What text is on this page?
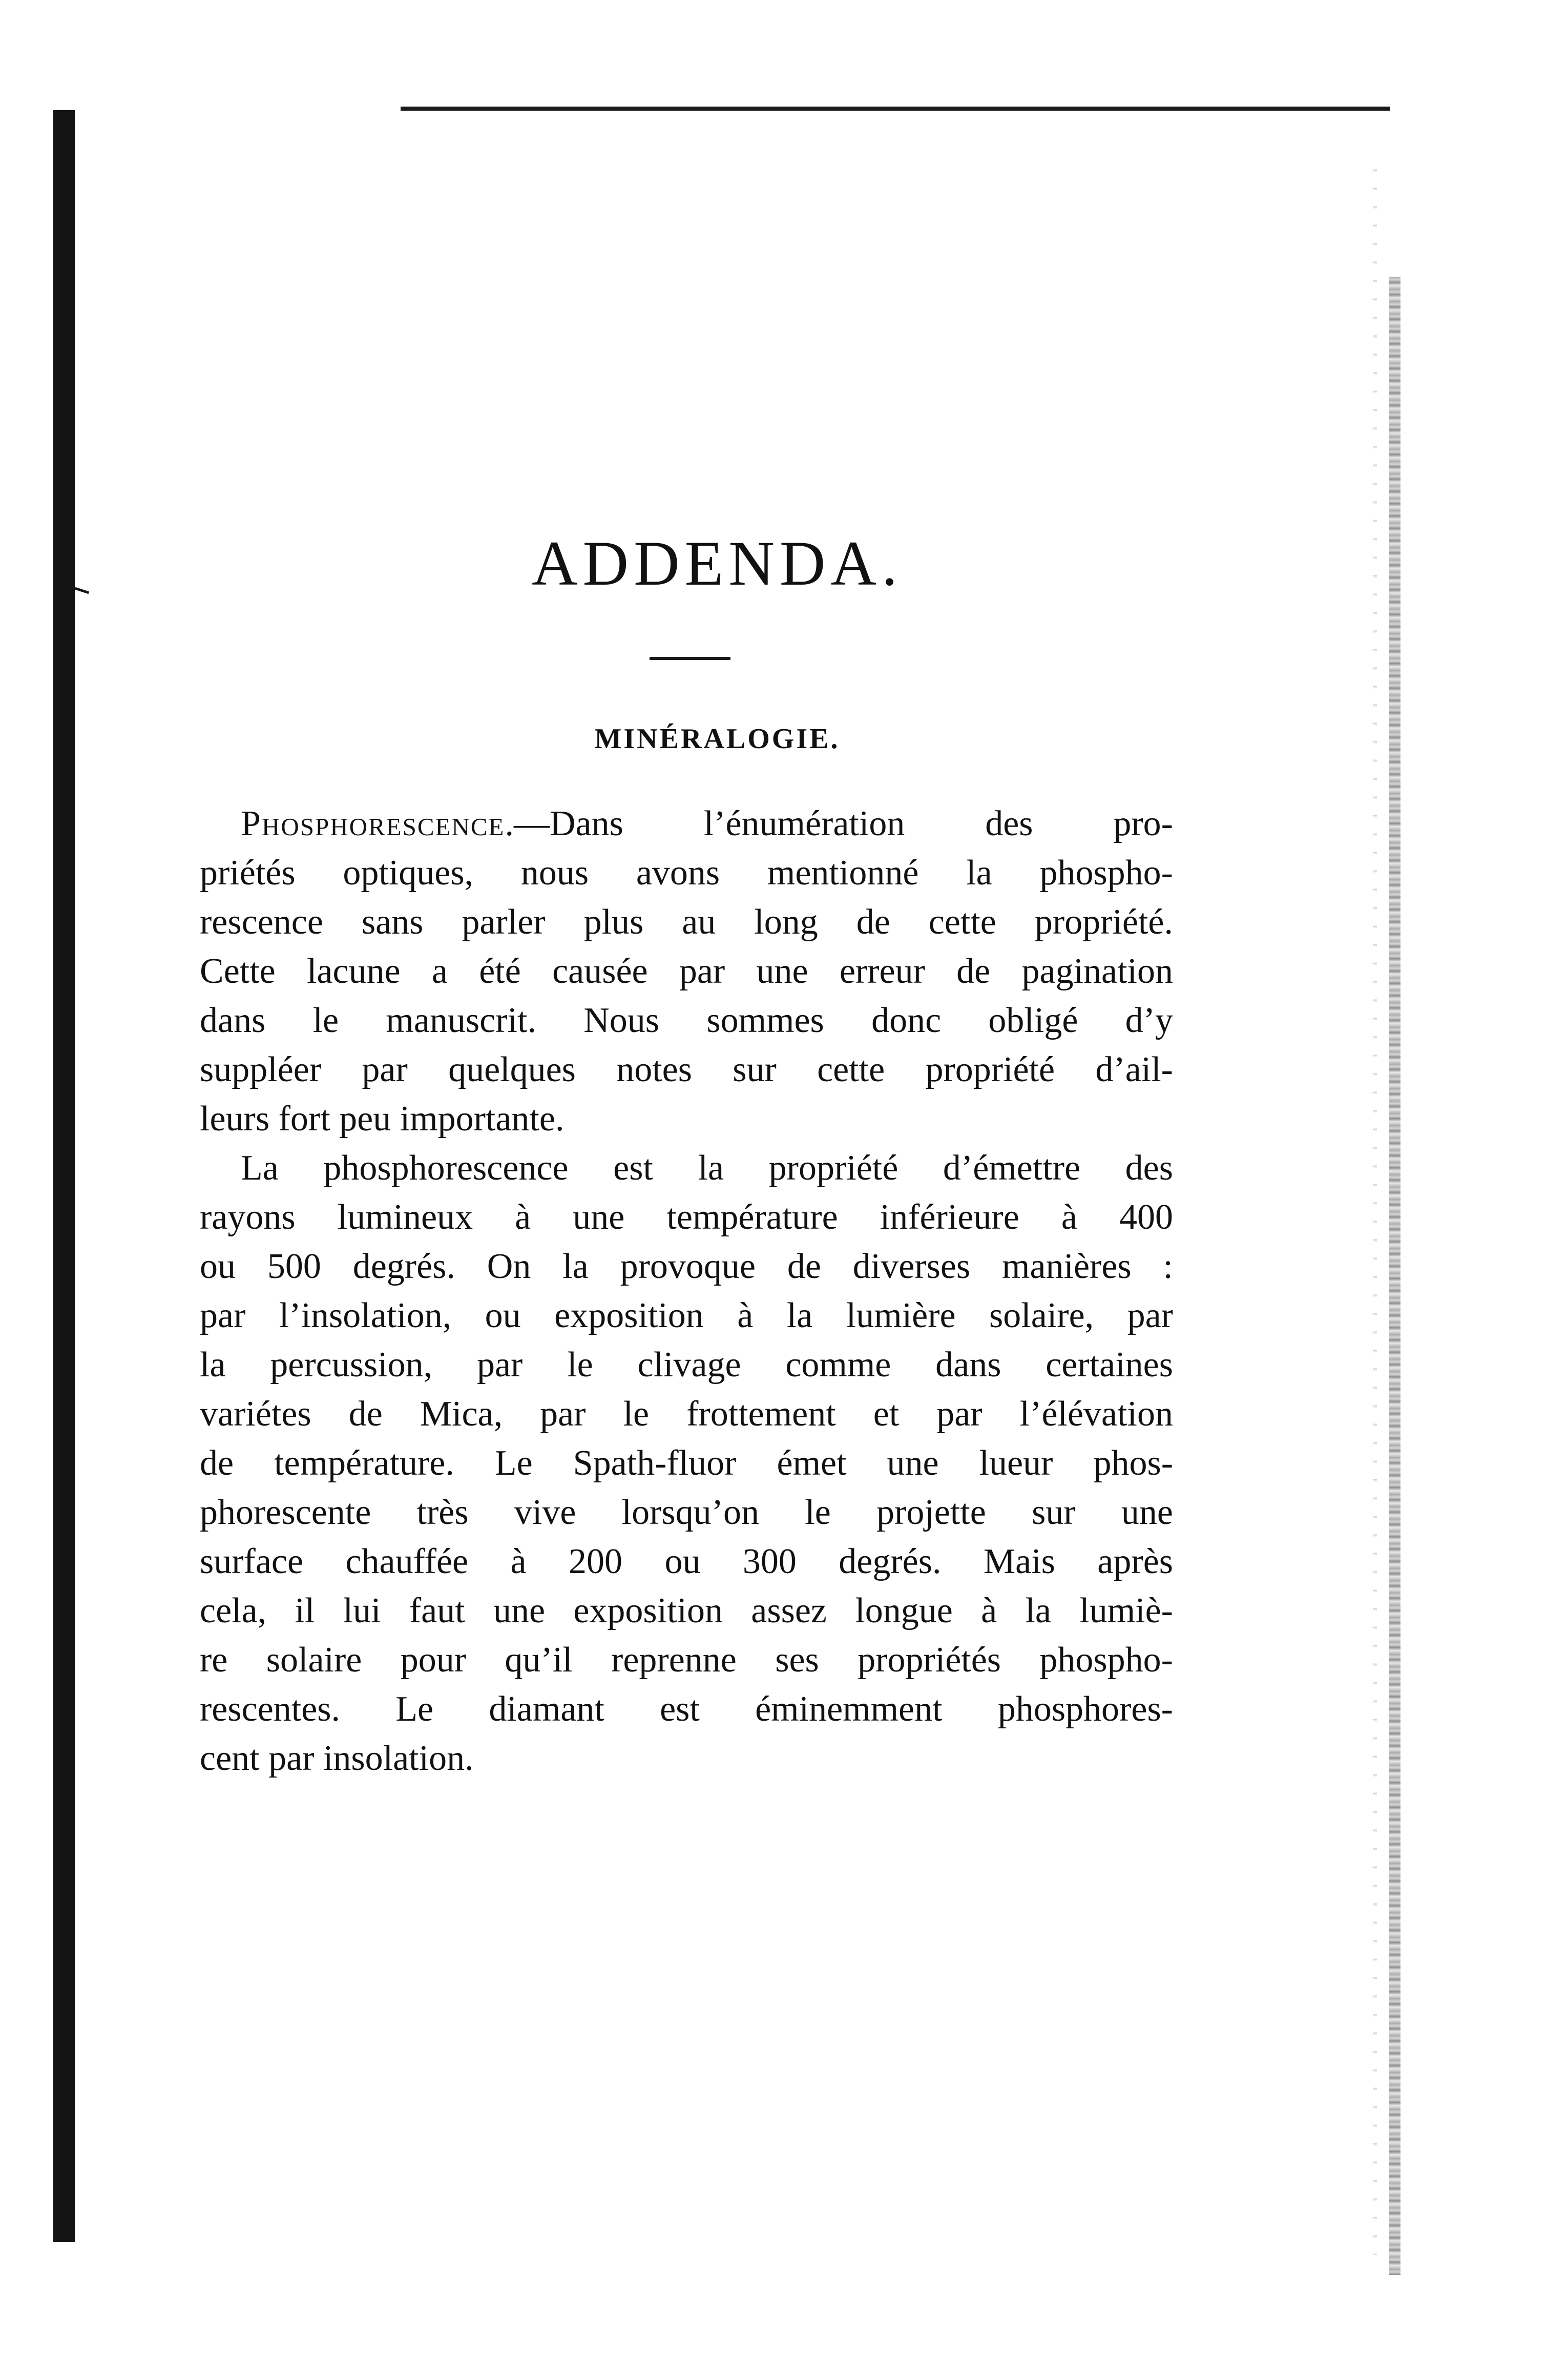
ADDENDA.
MINÉRALOGIE.
Phosphorescence.—Dans l’énumération des pro-
priétés optiques, nous avons mentionné la phospho-
rescence sans parler plus au long de cette propriété.
Cette lacune a été causée par une erreur de pagination
dans le manuscrit. Nous sommes donc obligé d’y
suppléer par quelques notes sur cette propriété d’ail-
leurs fort peu importante.
La phosphorescence est la propriété d’émettre des
rayons lumineux à une température inférieure à 400
ou 500 degrés. On la provoque de diverses manières :
par l’insolation, ou exposition à la lumière solaire, par
la percussion, par le clivage comme dans certaines
variétes de Mica, par le frottement et par l’élévation
de température. Le Spath-fluor émet une lueur phos-
phorescente très vive lorsqu’on le projette sur une
surface chauffée à 200 ou 300 degrés. Mais après
cela, il lui faut une exposition assez longue à la lumiè-
re solaire pour qu’il reprenne ses propriétés phospho-
rescentes. Le diamant est éminemment phosphores-
cent par insolation.
